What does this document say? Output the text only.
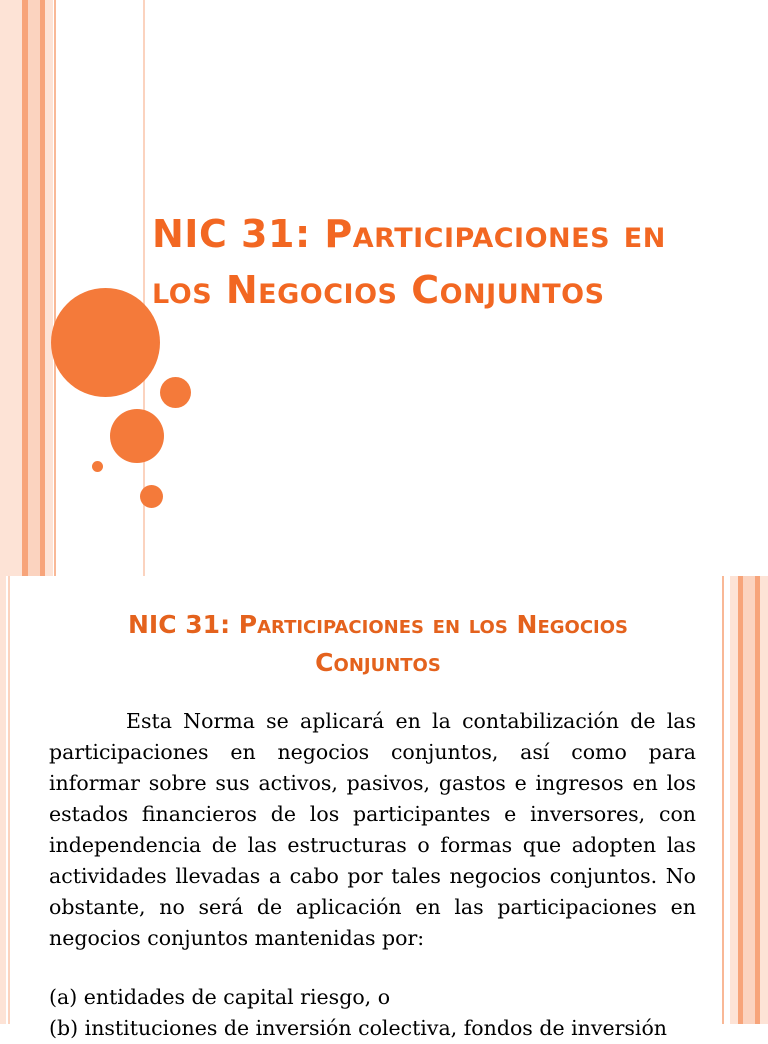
NIC 31: Participaciones en
los Negocios Conjuntos
NIC 31: Participaciones en los Negocios
Conjuntos

Esta Norma se aplicará en la contabilización de las participaciones en negocios conjuntos, así como para informar sobre sus activos, pasivos, gastos e ingresos en los estados financieros de los participantes e inversores, con independencia de las estructuras o formas que adopten las actividades llevadas a cabo por tales negocios conjuntos. No obstante, no será de aplicación en las participaciones en negocios conjuntos mantenidas por:

(a) entidades de capital riesgo, o
(b) instituciones de inversión colectiva, fondos de inversión
